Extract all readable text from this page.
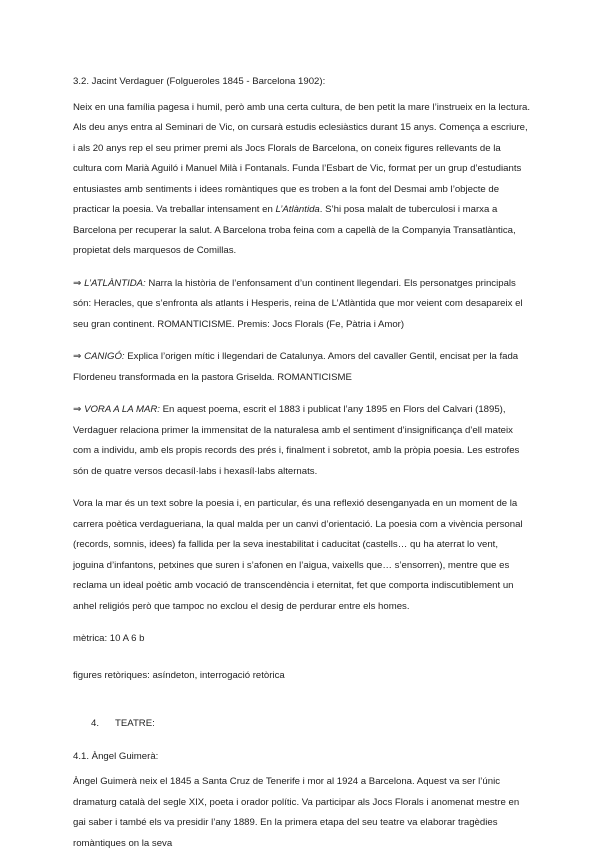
3.2. Jacint Verdaguer (Folgueroles 1845 - Barcelona 1902):

Neix en una família pagesa i humil, però amb una certa cultura, de ben petit la mare l’instrueix en la lectura. Als deu anys entra al Seminari de Vic, on cursarà estudis eclesiàstics durant 15 anys. Comença a escriure, i als 20 anys rep el seu primer premi als Jocs Florals de Barcelona, on coneix figures rellevants de la cultura com Marià Aguiló i Manuel Milà i Fontanals. Funda l’Esbart de Vic, format per un grup d’estudiants entusiastes amb sentiments i idees romàntiques que es troben a la font del Desmai amb l’objecte de practicar la poesia. Va treballar intensament en L’Atlàntida. S’hi posa malalt de tuberculosi i marxa a Barcelona per recuperar la salut. A Barcelona troba feina com a capellà de la Companyia Transatlàntica, propietat dels marquesos de Comillas.

⇒ L’ATLÀNTIDA: Narra la història de l’enfonsament d’un continent llegendari. Els personatges principals són: Heracles, que s’enfronta als atlants i Hesperis, reina de L’Atlàntida que mor veient com desapareix el seu gran continent. ROMANTICISME. Premis: Jocs Florals (Fe, Pàtria i Amor)

⇒ CANIGÓ: Explica l’origen mític i llegendari de Catalunya. Amors del cavaller Gentil, encisat per la fada Flordeneu transformada en la pastora Griselda. ROMANTICISME

⇒ VORA A LA MAR: En aquest poema, escrit el 1883 i publicat l’any 1895 en Flors del Calvari (1895), Verdaguer relaciona primer la immensitat de la naturalesa amb el sentiment d’insignificança d’ell mateix com a individu, amb els propis records des prés i, finalment i sobretot, amb la pròpia poesia. Les estrofes són de quatre versos decasíl·labs i hexasíl·labs alternats.

Vora la mar és un text sobre la poesia i, en particular, és una reflexió desenganyada en un moment de la carrera poètica verdagueriana, la qual malda per un canvi d’orientació. La poesia com a vivència personal (records, somnis, idees) fa fallida per la seva inestabilitat i caducitat (castells… qu ha aterrat lo vent, joguina d’infantons, petxines que suren i s’afonen en l’aigua, vaixells que… s’ensorren), mentre que es reclama un ideal poètic amb vocació de transcendència i eternitat, fet que comporta indiscutiblement un anhel religiós però que tampoc no exclou el desig de perdurar entre els homes.

mètrica: 10 A 6 b

figures retòriques: asíndeton, interrogació retòrica

4. TEATRE:

4.1. Àngel Guimerà:

Àngel Guimerà neix el 1845 a Santa Cruz de Tenerife i mor al 1924 a Barcelona. Aquest va ser l’únic dramaturg català del segle XIX, poeta i orador polític. Va participar als Jocs Florals i anomenat mestre en gai saber i també els va presidir l’any 1889. En la primera etapa del seu teatre va elaborar tragèdies romàntiques on la seva
